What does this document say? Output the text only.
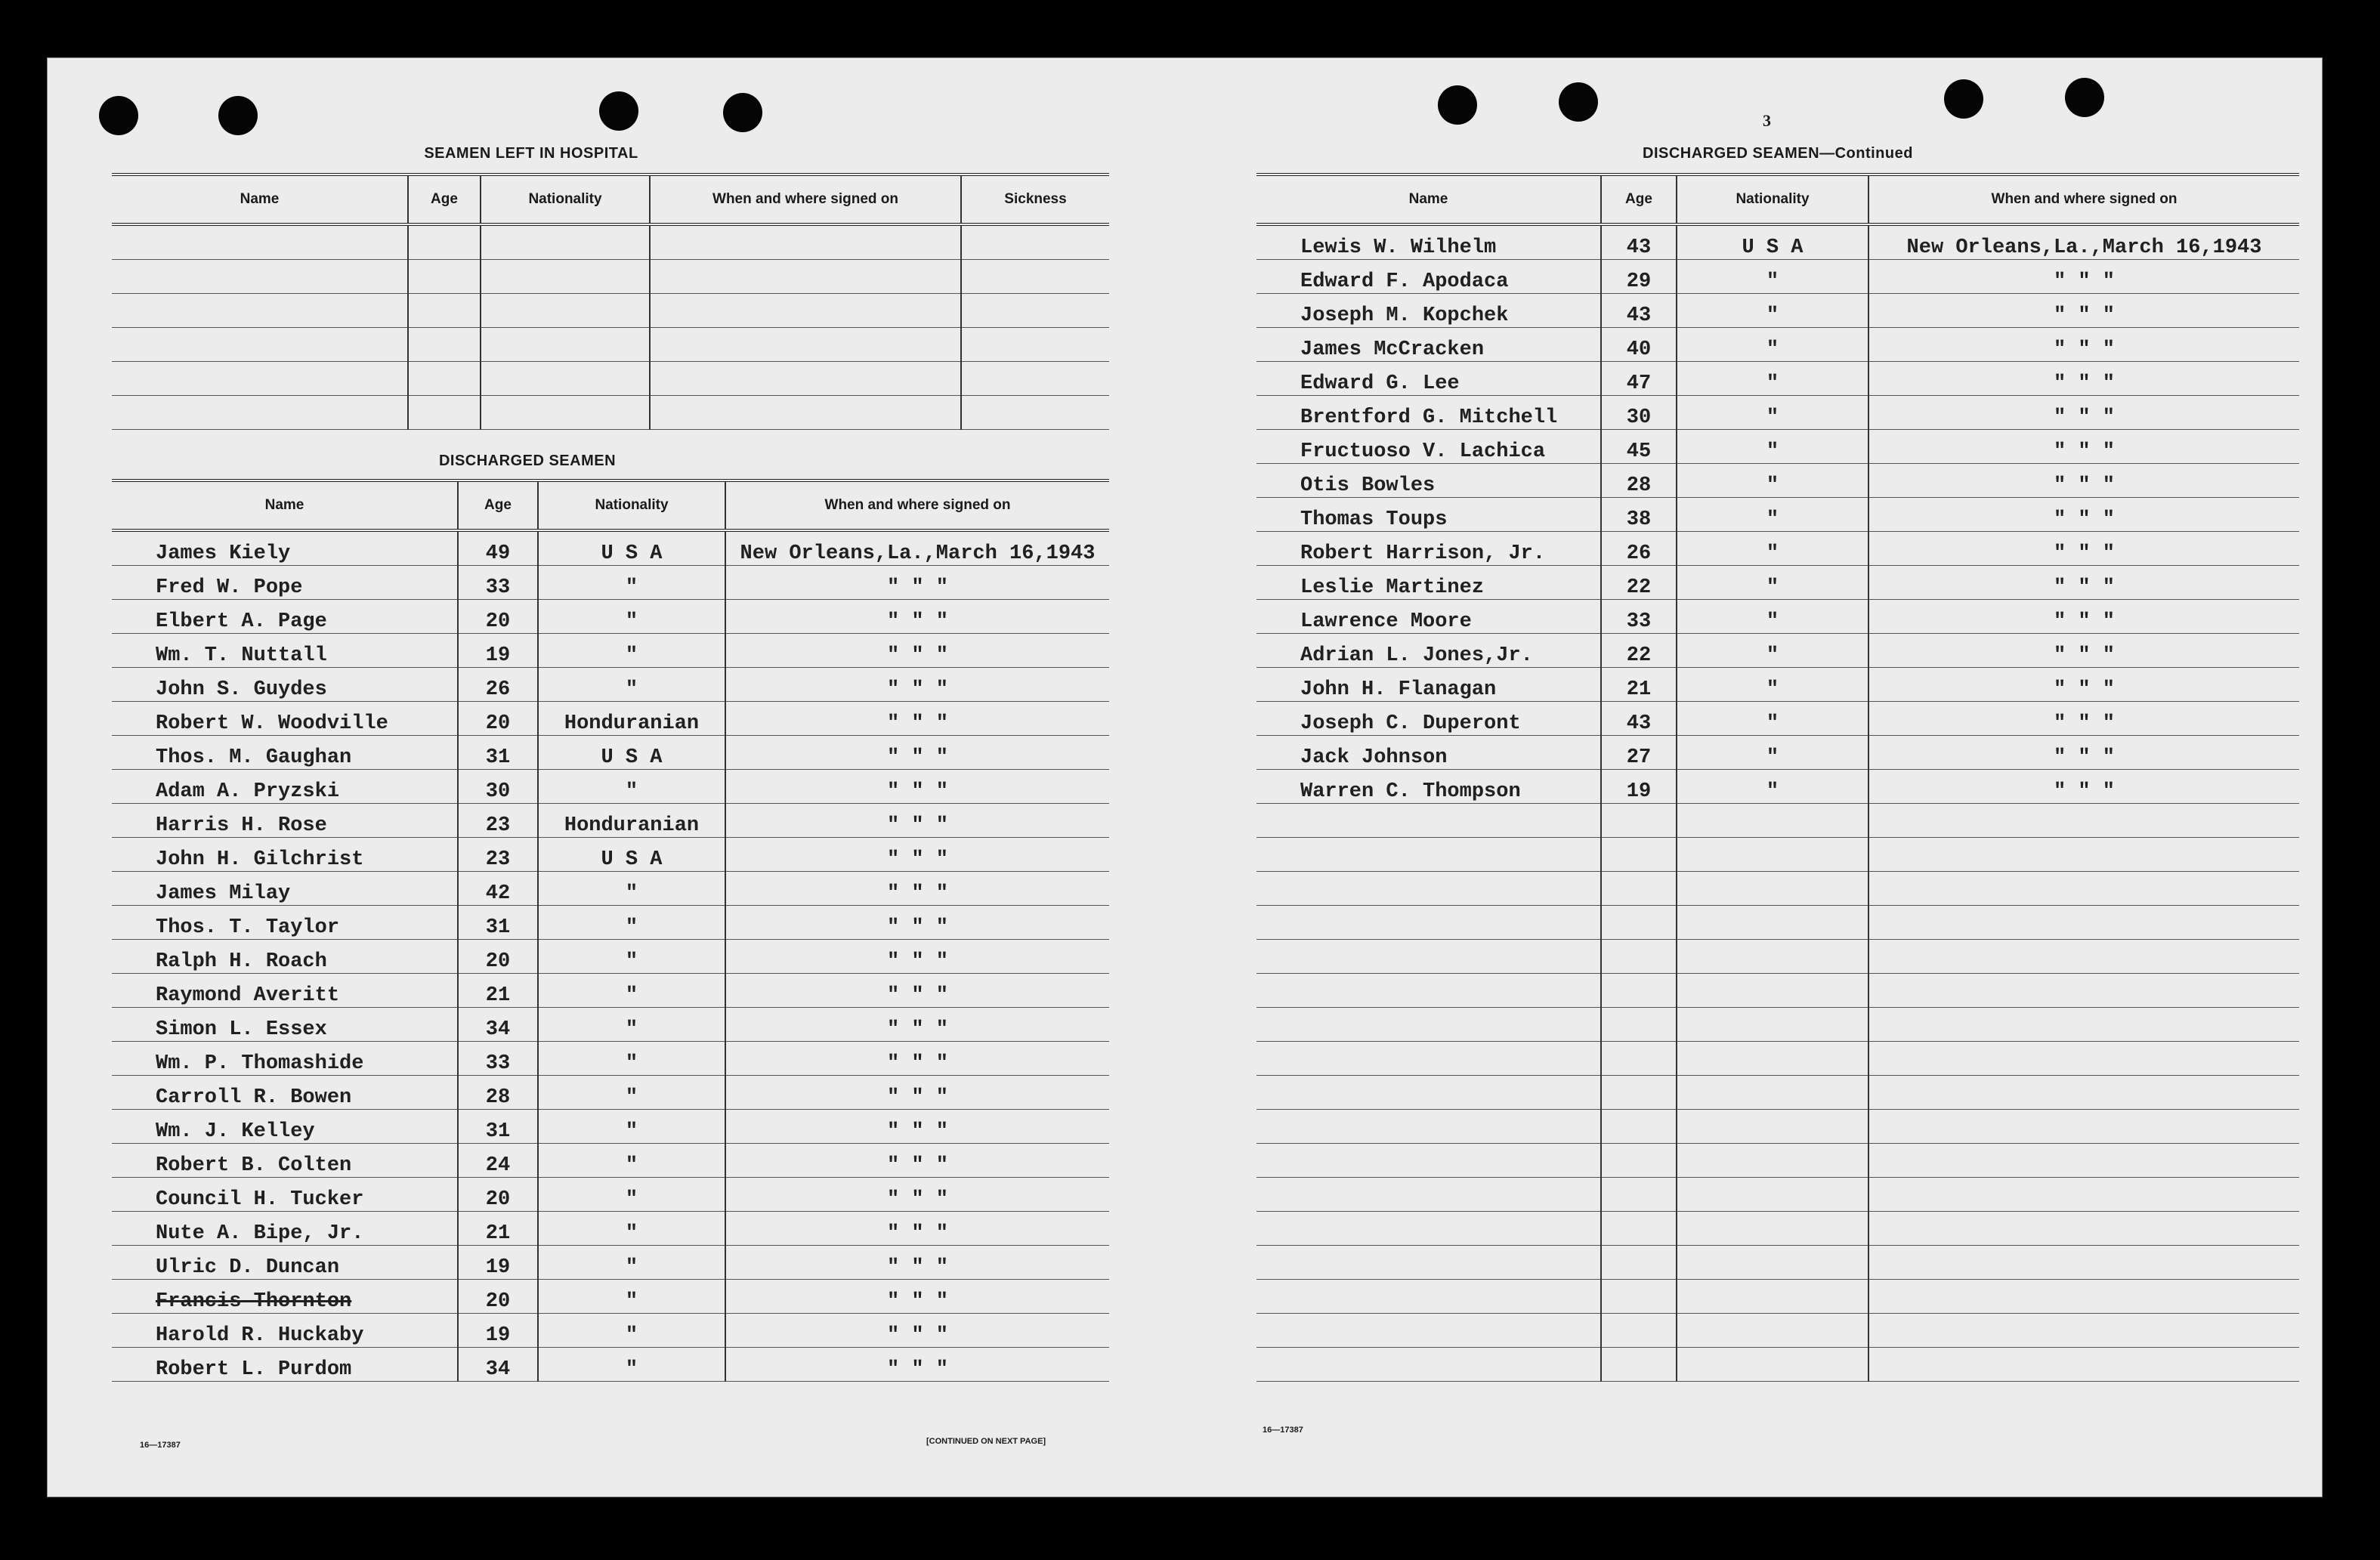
3
SEAMEN LEFT IN HOSPITAL
Name	Age	Nationality	When and where signed on	Sickness

DISCHARGED SEAMEN
Name	Age	Nationality	When and where signed on
James Kiely	49	U S A	New Orleans,La.,March 16,1943
Fred W. Pope	33	"	" " "
Elbert A. Page	20	"	" " "
Wm. T. Nuttall	19	"	" " "
John S. Guydes	26	"	" " "
Robert W. Woodville	20	Honduranian	" " "
Thos. M. Gaughan	31	U S A	" " "
Adam A. Pryzski	30	"	" " "
Harris H. Rose	23	Honduranian	" " "
John H. Gilchrist	23	U S A	" " "
James Milay	42	"	" " "
Thos. T. Taylor	31	"	" " "
Ralph H. Roach	20	"	" " "
Raymond Averitt	21	"	" " "
Simon L. Essex	34	"	" " "
Wm. P. Thomashide	33	"	" " "
Carroll R. Bowen	28	"	" " "
Wm. J. Kelley	31	"	" " "
Robert B. Colten	24	"	" " "
Council H. Tucker	20	"	" " "
Nute A. Bipe, Jr.	21	"	" " "
Ulric D. Duncan	19	"	" " "
Francis Thornton	20	"	" " "
Harold R. Huckaby	19	"	" " "
Robert L. Purdom	34	"	" " "
16—17387	[CONTINUED ON NEXT PAGE]
DISCHARGED SEAMEN—Continued
Name	Age	Nationality	When and where signed on
Lewis W. Wilhelm	43	U S A	New Orleans,La.,March 16,1943
Edward F. Apodaca	29	"	" " "
Joseph M. Kopchek	43	"	" " "
James McCracken	40	"	" " "
Edward G. Lee	47	"	" " "
Brentford G. Mitchell	30	"	" " "
Fructuoso V. Lachica	45	"	" " "
Otis Bowles	28	"	" " "
Thomas Toups	38	"	" " "
Robert Harrison, Jr.	26	"	" " "
Leslie Martinez	22	"	" " "
Lawrence Moore	33	"	" " "
Adrian L. Jones,Jr.	22	"	" " "
John H. Flanagan	21	"	" " "
Joseph C. Duperont	43	"	" " "
Jack Johnson	27	"	" " "
Warren C. Thompson	19	"	" " "

16—17387
